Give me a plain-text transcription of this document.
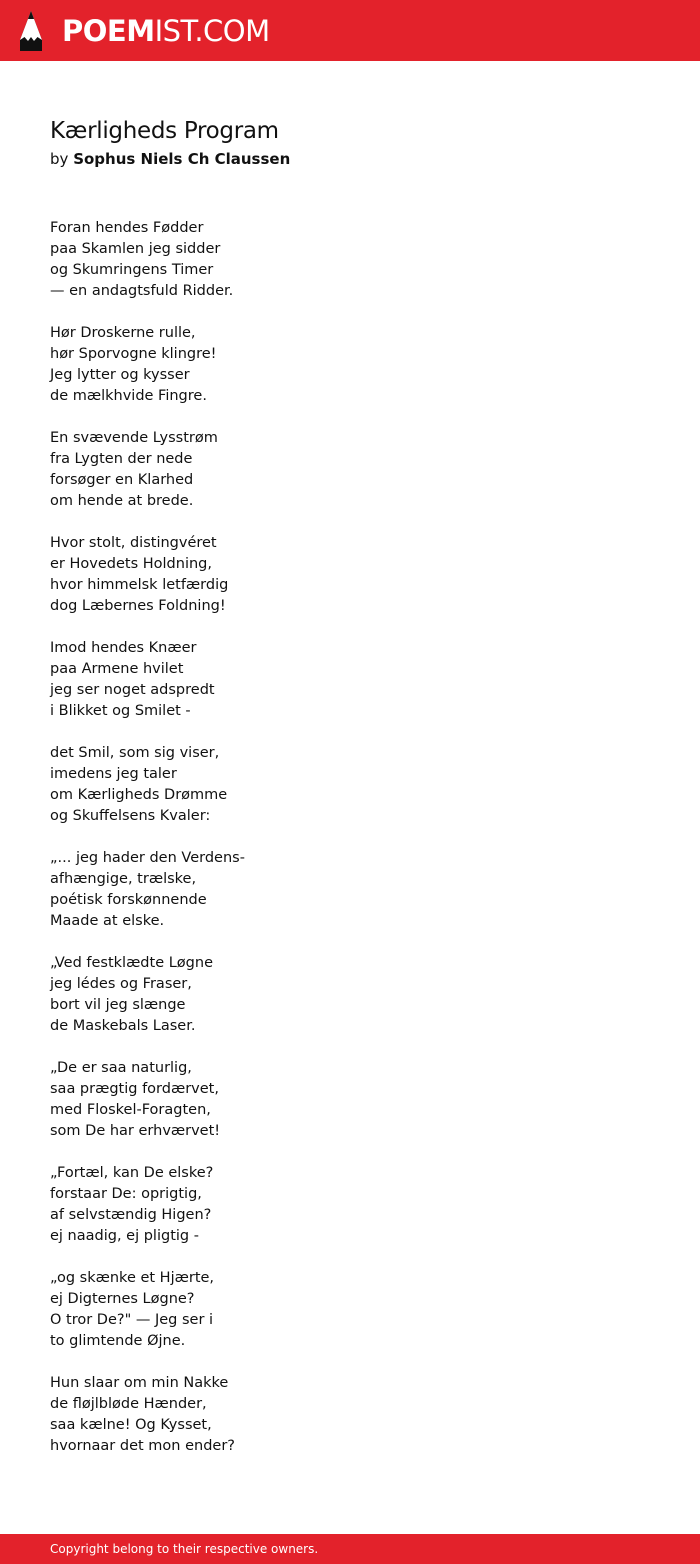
POEMIST.COM
Kærligheds Program
by Sophus Niels Ch Claussen
Foran hendes Fødder
paa Skamlen jeg sidder
og Skumringens Timer
— en andagtsfuld Ridder.
Hør Droskerne rulle,
hør Sporvogne klingre!
Jeg lytter og kysser
de mælkhvide Fingre.
En svævende Lysstrøm
fra Lygten der nede
forsøger en Klarhed
om hende at brede.
Hvor stolt, distingvéret
er Hovedets Holdning,
hvor himmelsk letfærdig
dog Læbernes Foldning!
Imod hendes Knæer
paa Armene hvilet
jeg ser noget adspredt
i Blikket og Smilet -
det Smil, som sig viser,
imedens jeg taler
om Kærligheds Drømme
og Skuffelsens Kvaler:
„... jeg hader den Verdens-
afhængige, trælske,
poétisk forskønnende
Maade at elske.
„Ved festklædte Løgne
jeg lédes og Fraser,
bort vil jeg slænge
de Maskebals Laser.
„De er saa naturlig,
saa prægtig fordærvet,
med Floskel-Foragten,
som De har erhværvet!
„Fortæl, kan De elske?
forstaar De: oprigtig,
af selvstændig Higen?
ej naadig, ej pligtig -
„og skænke et Hjærte,
ej Digternes Løgne?
O tror De?" — Jeg ser i
to glimtende Øjne.
Hun slaar om min Nakke
de fløjlbløde Hænder,
saa kælne! Og Kysset,
hvornaar det mon ender?
Copyright belong to their respective owners.
